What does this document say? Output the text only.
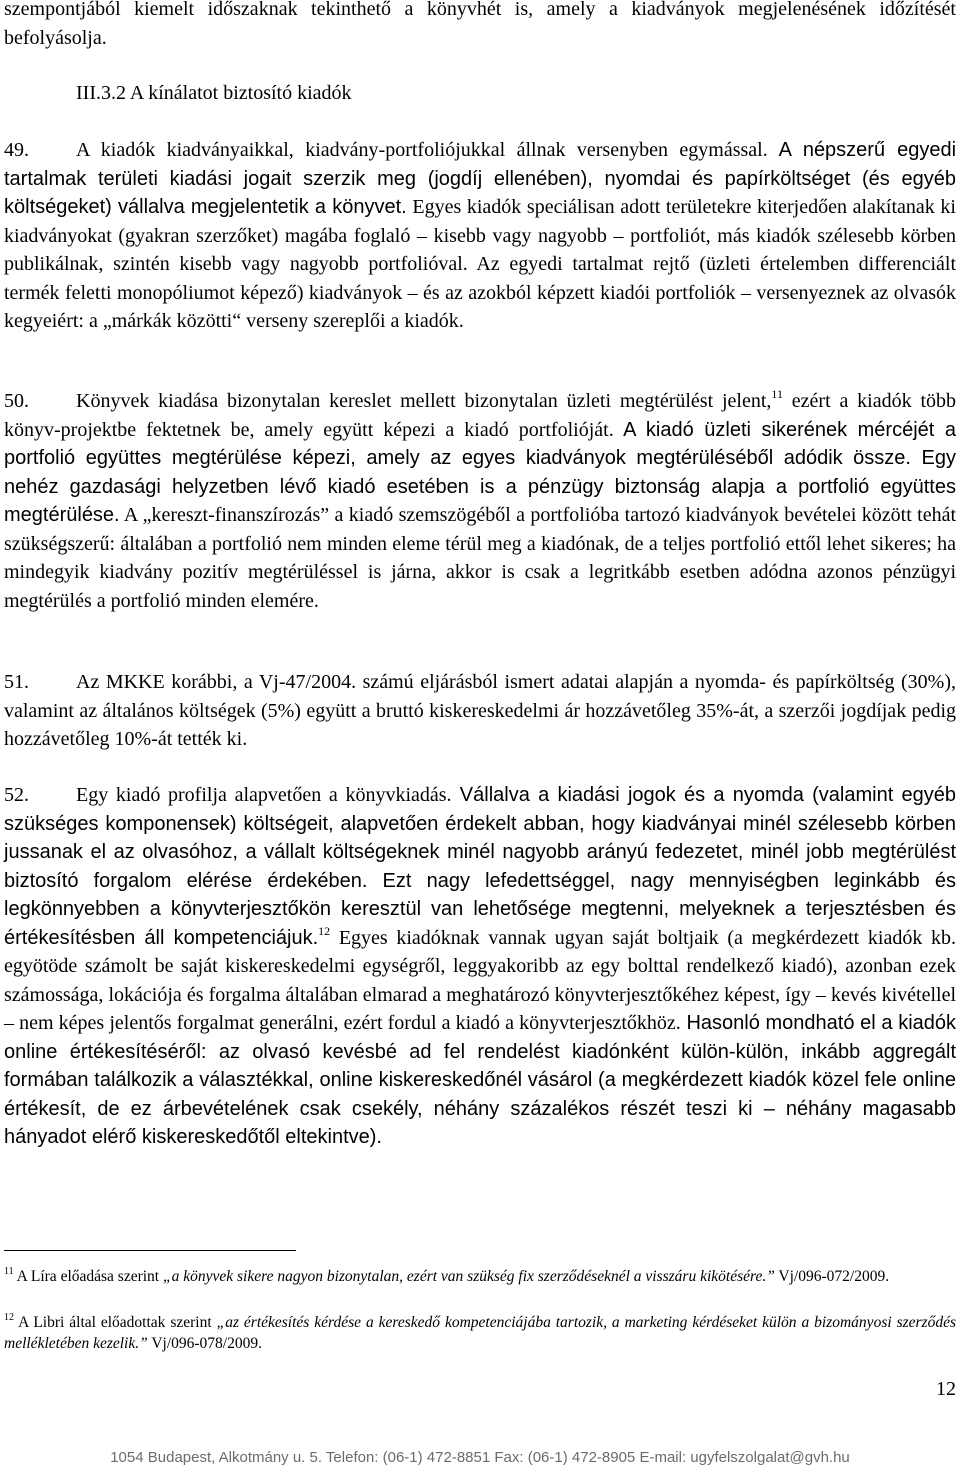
szempontjából kiemelt időszaknak tekinthető a könyvhét is, amely a kiadványok megjelenésének időzítését befolyásolja.

III.3.2 A kínálatot biztosító kiadók

49. A kiadók kiadványaikkal, kiadvány-portfoliójukkal állnak versenyben egymással. A népszerű egyedi tartalmak területi kiadási jogait szerzik meg (jogdíj ellenében), nyomdai és papírköltséget (és egyéb költségeket) vállalva megjelentetik a könyvet. Egyes kiadók speciálisan adott területekre kiterjedően alakítanak ki kiadványokat (gyakran szerzőket) magába foglaló – kisebb vagy nagyobb – portfoliót, más kiadók szélesebb körben publikálnak, szintén kisebb vagy nagyobb portfolióval. Az egyedi tartalmat rejtő (üzleti értelemben differenciált termék feletti monopóliumot képező) kiadványok – és az azokból képzett kiadói portfoliók – versenyeznek az olvasók kegyeiért: a „márkák közötti“ verseny szereplői a kiadók.

50. Könyvek kiadása bizonytalan kereslet mellett bizonytalan üzleti megtérülést jelent,$^{11}$ ezért a kiadók több könyv-projektbe fektetnek be, amely együtt képezi a kiadó portfolióját. A kiadó üzleti sikerének mércéjét a portfolió együttes megtérülése képezi, amely az egyes kiadványok megtérüléséből adódik össze. Egy nehéz gazdasági helyzetben lévő kiadó esetében is a pénzügy biztonság alapja a portfolió együttes megtérülése. A „kereszt-finanszírozás” a kiadó szemszögéből a portfolióba tartozó kiadványok bevételei között tehát szükségszerű: általában a portfolió nem minden eleme térül meg a kiadónak, de a teljes portfolió ettől lehet sikeres; ha mindegyik kiadvány pozitív megtérüléssel is járna, akkor is csak a legritkább esetben adódna azonos pénzügyi megtérülés a portfolió minden elemére.

51. Az MKKE korábbi, a Vj-47/2004. számú eljárásból ismert adatai alapján a nyomda- és papírköltség (30%), valamint az általános költségek (5%) együtt a bruttó kiskereskedelmi ár hozzávetőleg 35%-át, a szerzői jogdíjak pedig hozzávetőleg 10%-át tették ki.

52. Egy kiadó profilja alapvetően a könyvkiadás. Vállalva a kiadási jogok és a nyomda (valamint egyéb szükséges komponensek) költségeit, alapvetően érdekelt abban, hogy kiadványai minél szélesebb körben jussanak el az olvasóhoz, a vállalt költségeknek minél nagyobb arányú fedezetet, minél jobb megtérülést biztosító forgalom elérése érdekében. Ezt nagy lefedettséggel, nagy mennyiségben leginkább és legkönnyebben a könyvterjesztőkön keresztül van lehetősége megtenni, melyeknek a terjesztésben és értékesítésben áll kompetenciájuk.$^{12}$ Egyes kiadóknak vannak ugyan saját boltjaik (a megkérdezett kiadók kb. egyötöde számolt be saját kiskereskedelmi egységről, leggyakoribb az egy bolttal rendelkező kiadó), azonban ezek számossága, lokációja és forgalma általában elmarad a meghatározó könyvterjesztőkéhez képest, így – kevés kivétellel – nem képes jelentős forgalmat generálni, ezért fordul a kiadó a könyvterjesztőkhöz. Hasonló mondható el a kiadók online értékesítéséről: az olvasó kevésbé ad fel rendelést kiadónként külön-külön, inkább aggregált formában találkozik a választékkal, online kiskereskedőnél vásárol (a megkérdezett kiadók közel fele online értékesít, de ez árbevételének csak csekély, néhány százalékos részét teszi ki – néhány magasabb hányadot elérő kiskereskedőtől eltekintve).

$^{11}$ A Líra előadása szerint „a könyvek sikere nagyon bizonytalan, ezért van szükség fix szerződéseknél a visszáru kikötésére.” Vj/096-072/2009.

$^{12}$ A Libri által előadottak szerint „az értékesítés kérdése a kereskedő kompetenciájába tartozik, a marketing kérdéseket külön a bizományosi szerződés mellékletében kezelik.” Vj/096-078/2009.

12
1054 Budapest, Alkotmány u. 5. Telefon: (06-1) 472-8851 Fax: (06-1) 472-8905 E-mail: ugyfelszolgalat@gvh.hu
